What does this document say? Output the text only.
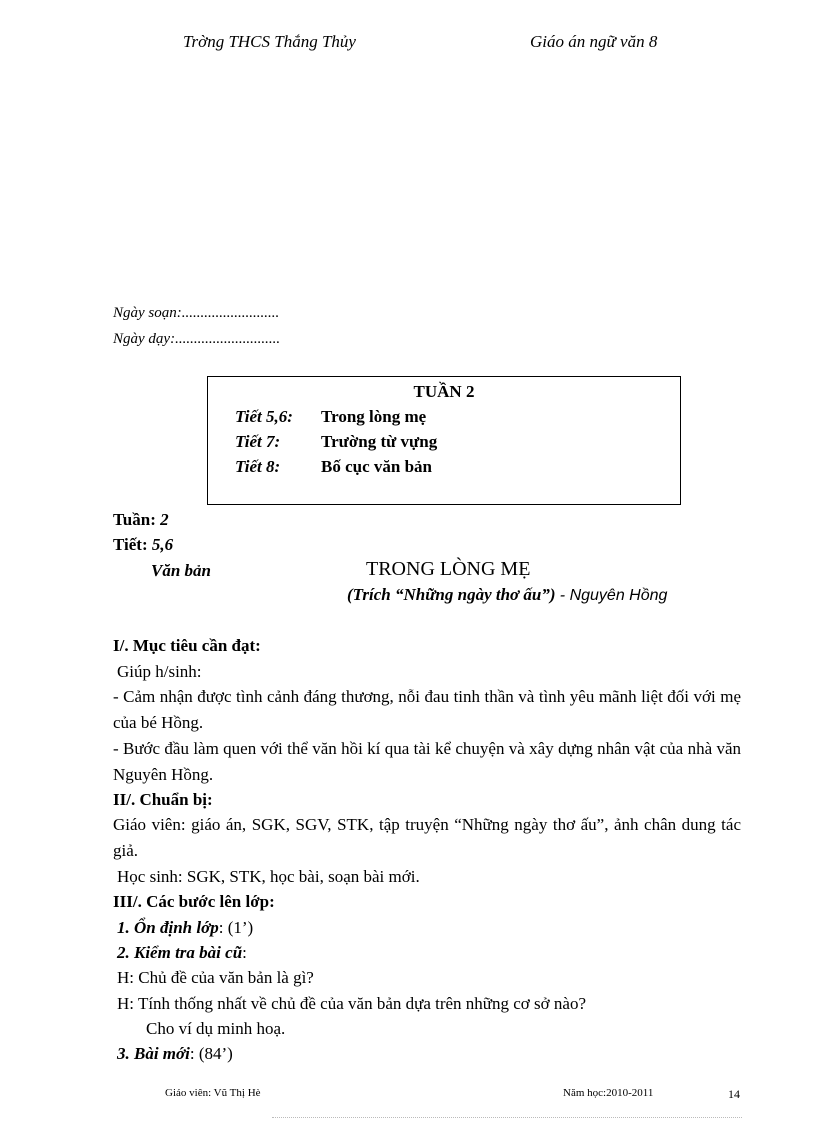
Trờng THCS Thắng Thủy	Giáo án ngữ văn 8
Ngày soạn:..........................
Ngày dạy:............................
TUẦN 2
Tiết 5,6: Trong lòng mẹ
Tiết 7: Trường từ vựng
Tiết 8: Bố cục văn bản
Tuần: 2
Tiết: 5,6
Văn bản	TRONG LÒNG MẸ
(Trích “Những ngày thơ ấu”) - Nguyên Hồng
I/. Mục tiêu cần đạt:
Giúp h/sinh:
- Cảm nhận được tình cảnh đáng thương, nỗi đau tinh thần và tình yêu mãnh liệt đối với mẹ của bé Hồng.
- Bước đầu làm quen với thể văn hồi kí qua tài kể chuyện và xây dựng nhân vật của nhà văn Nguyên Hồng.
II/. Chuẩn bị:
Giáo viên: giáo án, SGK, SGV, STK, tập truyện “Những ngày thơ ấu”, ảnh chân dung tác giả.
Học sinh: SGK, STK, học bài, soạn bài mới.
III/. Các bước lên lớp:
1. Ổn định lớp: (1’)
2. Kiểm tra bài cũ:
H: Chủ đề của văn bản là gì?
H: Tính thống nhất về chủ đề của văn bản dựa trên những cơ sở nào?
Cho ví dụ minh hoạ.
3. Bài mới: (84’)
Giáo viên: Vũ Thị Hè	Năm học:2010-2011	14
